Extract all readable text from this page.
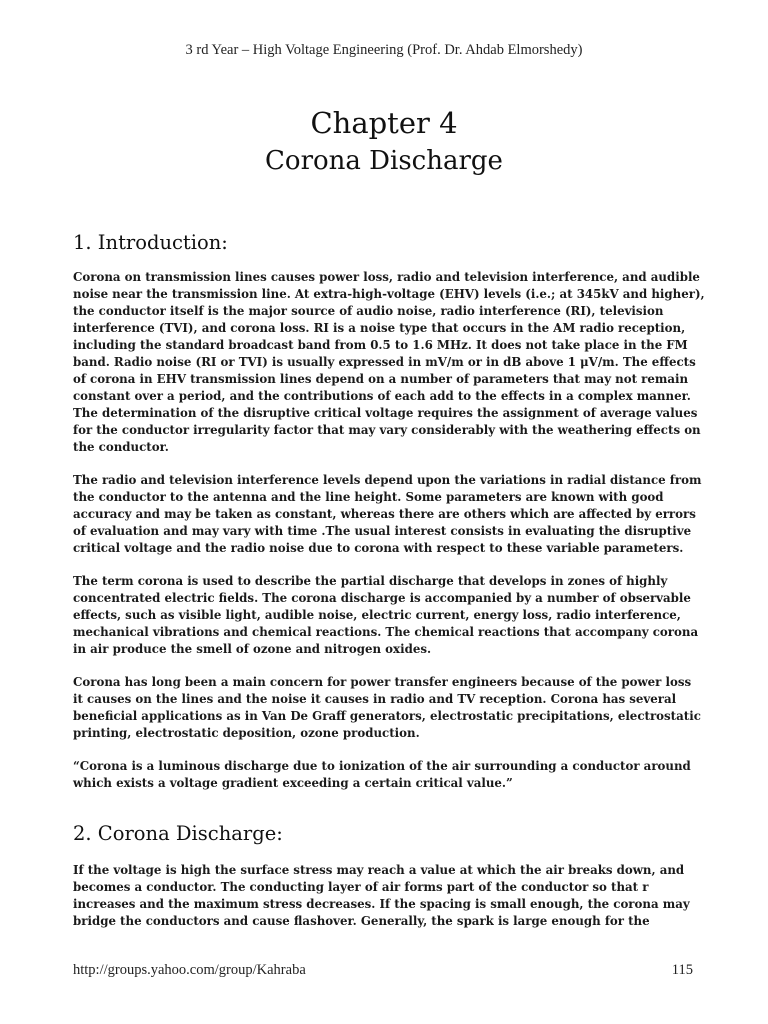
3 rd Year – High Voltage Engineering (Prof. Dr. Ahdab Elmorshedy)
Chapter 4
Corona Discharge
1. Introduction:

Corona on transmission lines causes power loss, radio and television interference, and audible noise near the transmission line. At extra-high-voltage (EHV) levels (i.e.; at 345kV and higher), the conductor itself is the major source of audio noise, radio interference (RI), television interference (TVI), and corona loss. RI is a noise type that occurs in the AM radio reception, including the standard broadcast band from 0.5 to 1.6 MHz. It does not take place in the FM band. Radio noise (RI or TVI) is usually expressed in mV/m or in dB above 1 μV/m. The effects of corona in EHV transmission lines depend on a number of parameters that may not remain constant over a period, and the contributions of each add to the effects in a complex manner. The determination of the disruptive critical voltage requires the assignment of average values for the conductor irregularity factor that may vary considerably with the weathering effects on the conductor.

The radio and television interference levels depend upon the variations in radial distance from the conductor to the antenna and the line height. Some parameters are known with good accuracy and may be taken as constant, whereas there are others which are affected by errors of evaluation and may vary with time .The usual interest consists in evaluating the disruptive critical voltage and the radio noise due to corona with respect to these variable parameters.

The term corona is used to describe the partial discharge that develops in zones of highly concentrated electric fields. The corona discharge is accompanied by a number of observable effects, such as visible light, audible noise, electric current, energy loss, radio interference, mechanical vibrations and chemical reactions. The chemical reactions that accompany corona in air produce the smell of ozone and nitrogen oxides.

Corona has long been a main concern for power transfer engineers because of the power loss it causes on the lines and the noise it causes in radio and TV reception. Corona has several beneficial applications as in Van De Graff generators, electrostatic precipitations, electrostatic printing, electrostatic deposition, ozone production.

“Corona is a luminous discharge due to ionization of the air surrounding a conductor around which exists a voltage gradient exceeding a certain critical value.”

2. Corona Discharge:

If the voltage is high the surface stress may reach a value at which the air breaks down, and becomes a conductor. The conducting layer of air forms part of the conductor so that r increases and the maximum stress decreases. If the spacing is small enough, the corona may bridge the conductors and cause flashover. Generally, the spark is large enough for the

http://groups.yahoo.com/group/Kahraba	115
